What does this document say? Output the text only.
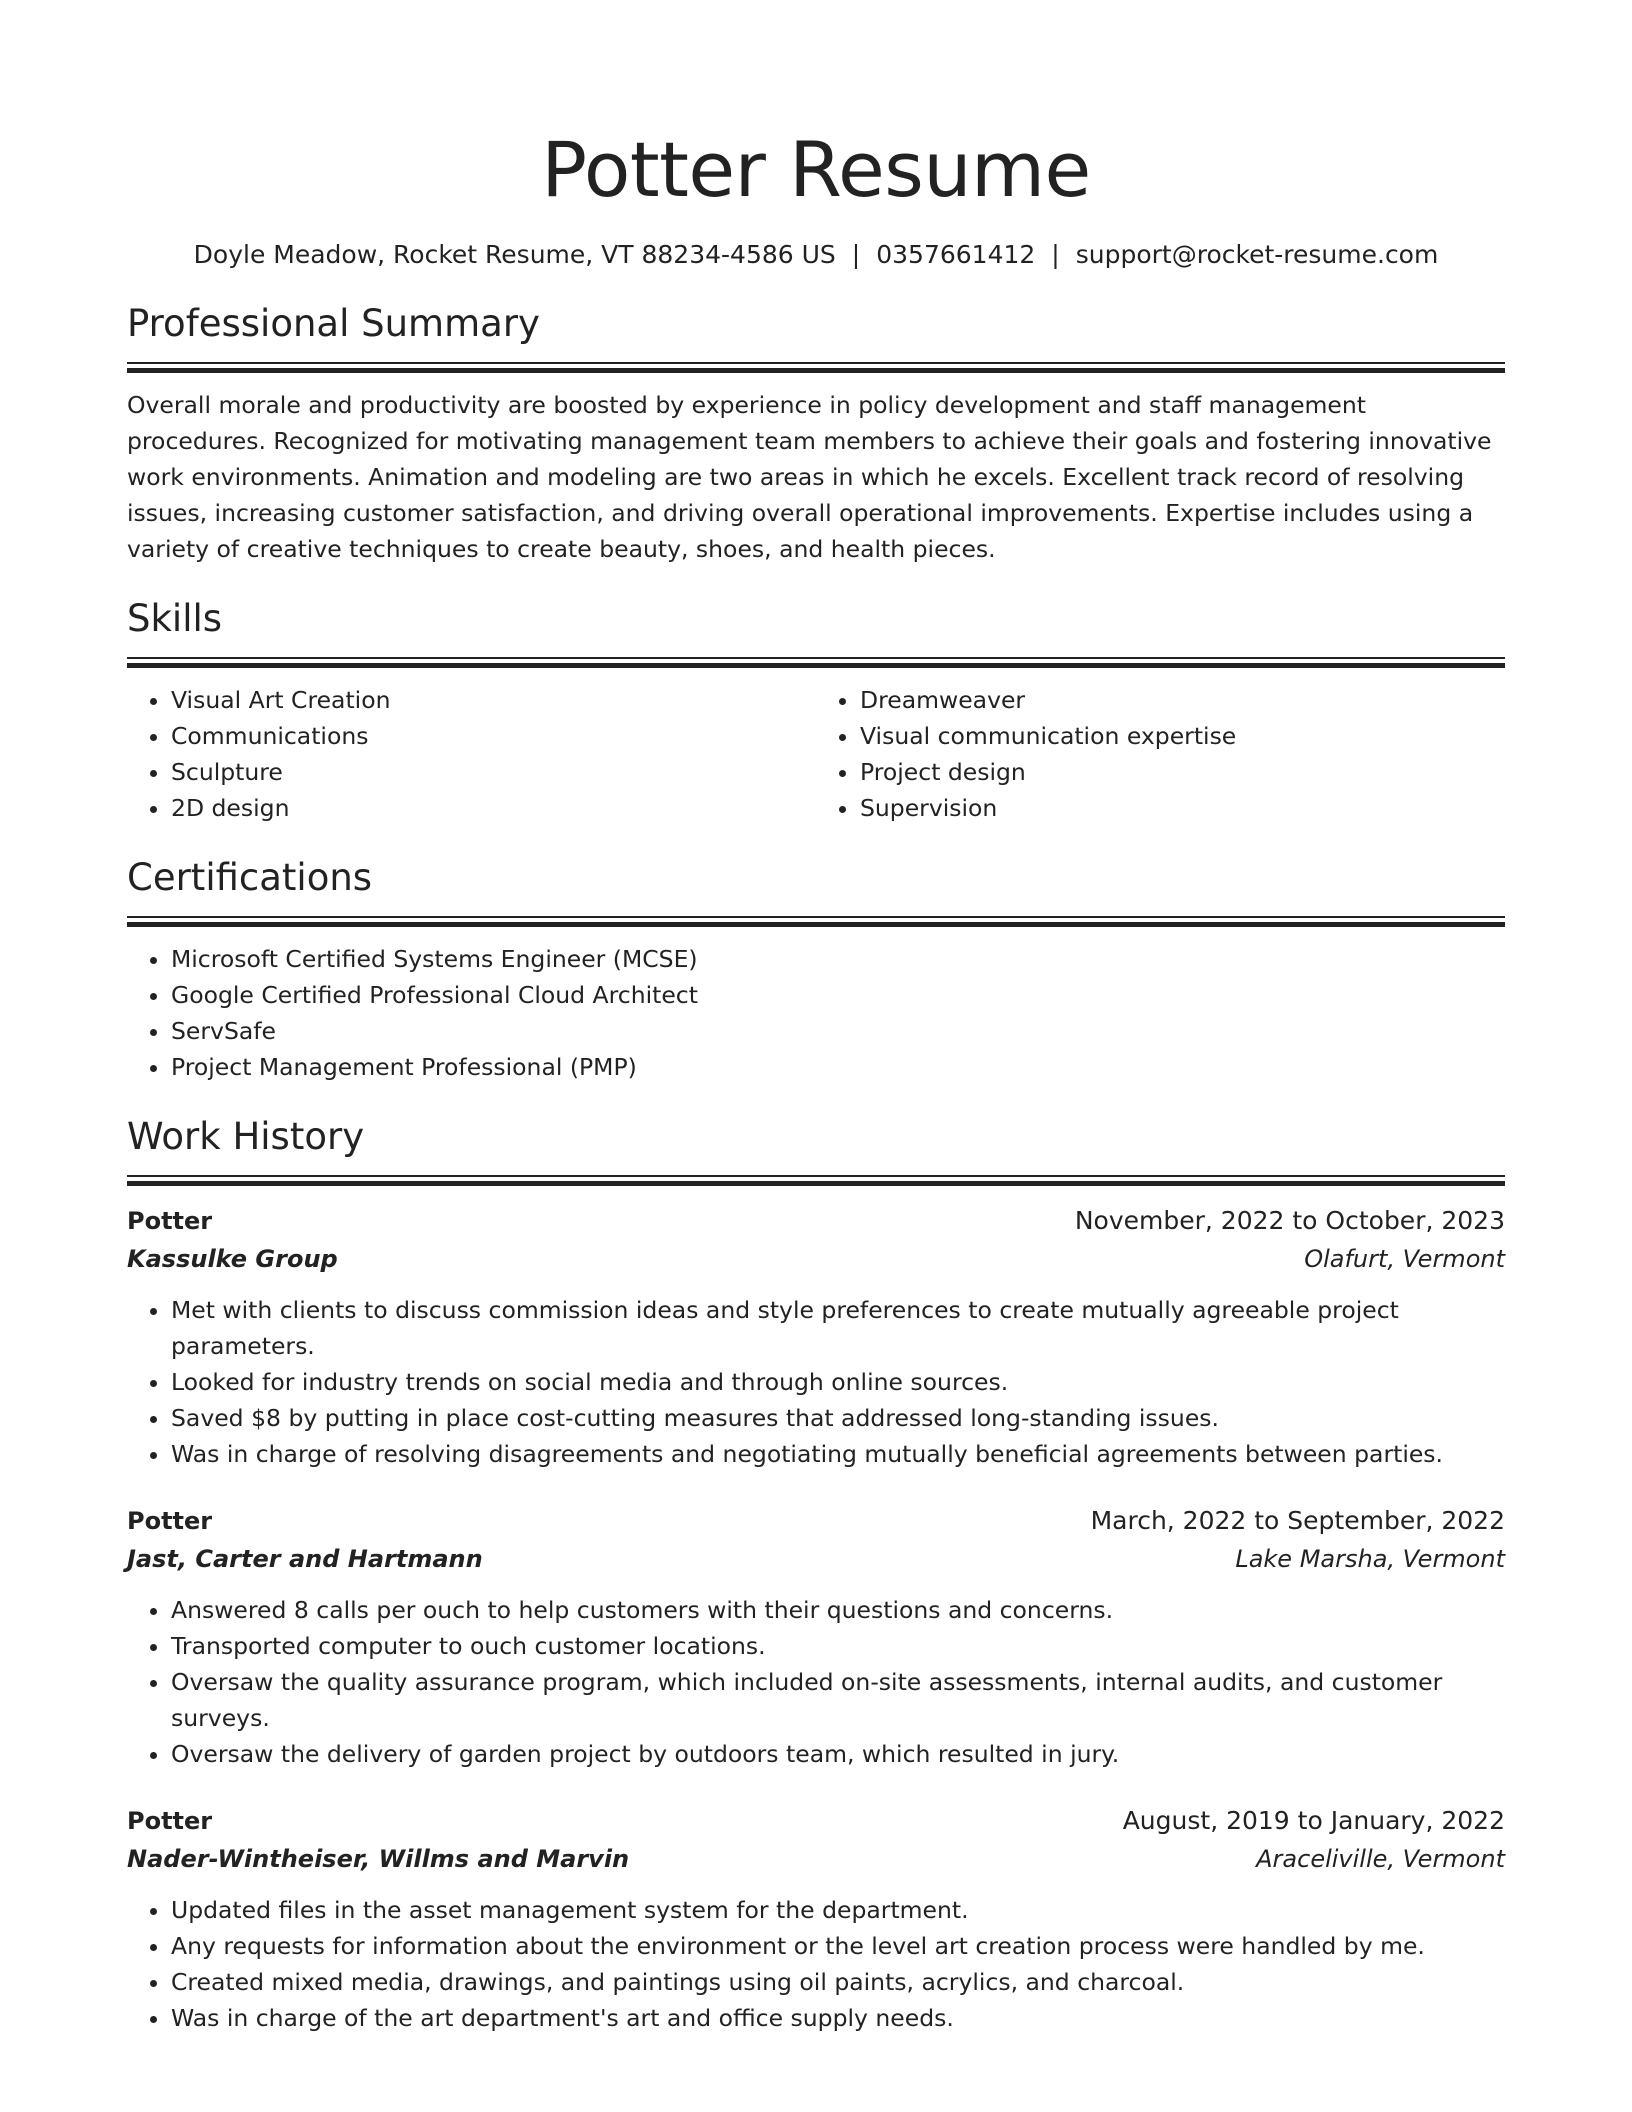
Potter Resume
Doyle Meadow, Rocket Resume, VT 88234-4586 US | 0357661412 | support@rocket-resume.com
Professional Summary

Overall morale and productivity are boosted by experience in policy development and staff management procedures. Recognized for motivating management team members to achieve their goals and fostering innovative work environments. Animation and modeling are two areas in which he excels. Excellent track record of resolving issues, increasing customer satisfaction, and driving overall operational improvements. Expertise includes using a variety of creative techniques to create beauty, shoes, and health pieces.

Skills
• Visual Art Creation
• Communications
• Sculpture
• 2D design
• Dreamweaver
• Visual communication expertise
• Project design
• Supervision
Certifications
• Microsoft Certified Systems Engineer (MCSE)
• Google Certified Professional Cloud Architect
• ServSafe
• Project Management Professional (PMP)
Work History
Potter	November, 2022 to October, 2023
Kassulke Group	Olafurt, Vermont
• Met with clients to discuss commission ideas and style preferences to create mutually agreeable project parameters.
• Looked for industry trends on social media and through online sources.
• Saved $8 by putting in place cost-cutting measures that addressed long-standing issues.
• Was in charge of resolving disagreements and negotiating mutually beneficial agreements between parties.
Potter	March, 2022 to September, 2022
Jast, Carter and Hartmann	Lake Marsha, Vermont
• Answered 8 calls per ouch to help customers with their questions and concerns.
• Transported computer to ouch customer locations.
• Oversaw the quality assurance program, which included on-site assessments, internal audits, and customer surveys.
• Oversaw the delivery of garden project by outdoors team, which resulted in jury.
Potter	August, 2019 to January, 2022
Nader-Wintheiser, Willms and Marvin	Araceliville, Vermont
• Updated files in the asset management system for the department.
• Any requests for information about the environment or the level art creation process were handled by me.
• Created mixed media, drawings, and paintings using oil paints, acrylics, and charcoal.
• Was in charge of the art department's art and office supply needs.
